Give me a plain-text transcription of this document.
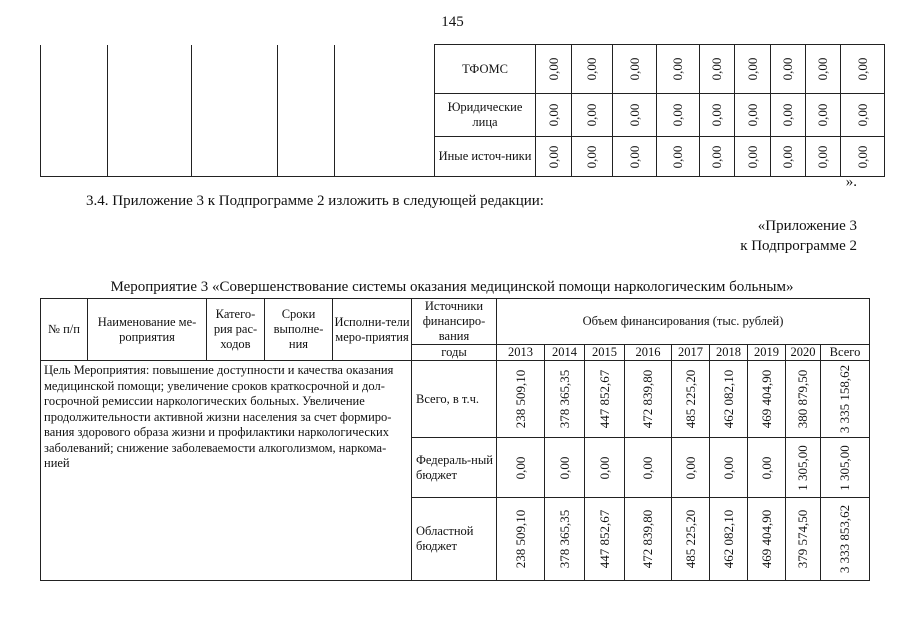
145
					ТФОМС	0,00	0,00	0,00	0,00	0,00	0,00	0,00	0,00	0,00

					Юридические лица	0,00	0,00	0,00	0,00	0,00	0,00	0,00	0,00	0,00

					Иные источ-ники	0,00	0,00	0,00	0,00	0,00	0,00	0,00	0,00	0,00
».
3.4. Приложение 3 к Подпрограмме 2 изложить в следующей редакции:
«Приложение 3
к Подпрограмме 2
Мероприятие 3 «Совершенствование системы оказания медицинской помощи наркологическим больным»
№ п/п	Наименование ме-роприятия	Катего-рия рас-ходов	Сроки выполне-ния	Исполни-тели меро-приятия	Источники финансиро-вания	Объем финансирования (тыс. рублей)								
					годы	2013	2014	2015	2016	2017	2018	2019	2020	Всего
Цель Мероприятия: повышение доступности и качества оказания медицинской помощи; увеличение сроков краткосрочной и дол-госрочной ремиссии наркологических больных. Увеличение продолжительности активной жизни населения за счет формиро-вания здорового образа жизни и профилактики наркологических заболеваний; снижение заболеваемости алкоголизмом, наркома-нией					Всего, в т.ч.	238 509,10	378 365,35	447 852,67	472 839,80	485 225,20	462 082,10	469 404,90	380 879,50	3 335 158,62

					Федераль-ный бюджет	0,00	0,00	0,00	0,00	0,00	0,00	0,00	1 305,00	1 305,00

					Областной бюджет	238 509,10	378 365,35	447 852,67	472 839,80	485 225,20	462 082,10	469 404,90	379 574,50	3 333 853,62
